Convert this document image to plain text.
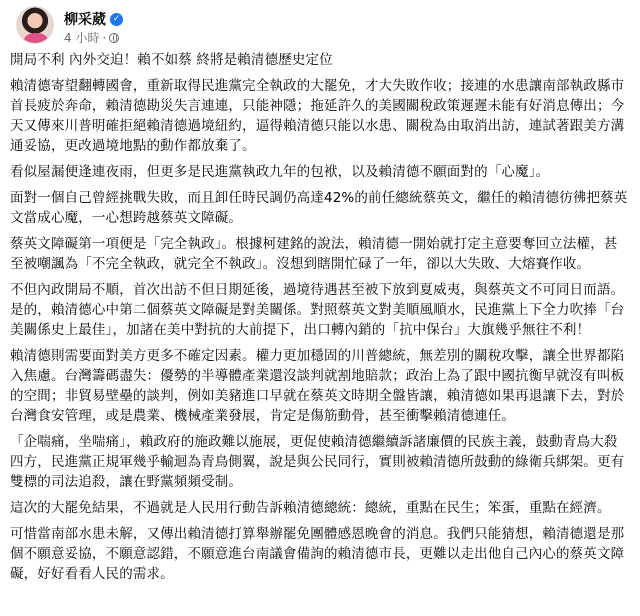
柳采葳 ✓
4 小時 ·

開局不利 內外交迫！賴不如蔡 終將是賴清德歷史定位

賴清德寄望翻轉國會，重新取得民進黨完全執政的大罷免，才大失敗作收；接連的水患讓南部執政縣市首長疲於奔命，賴清德勘災失言連連，只能神隱；拖延許久的美國關稅政策遲遲未能有好消息傳出；今天又傳來川普明確拒絕賴清德過境紐約，逼得賴清德只能以水患、關稅為由取消出訪，連試著跟美方溝通妥協，更改過境地點的動作都放棄了。

看似屋漏便逢連夜雨，但更多是民進黨執政九年的包袱，以及賴清德不願面對的「心魔」。

面對一個自己曾經挑戰失敗，而且卸任時民調仍高達42%的前任總統蔡英文，繼任的賴清德彷彿把蔡英文當成心魔，一心想跨越蔡英文障礙。

蔡英文障礙第一項便是「完全執政」。根據柯建銘的說法，賴清德一開始就打定主意要奪回立法權，甚至被嘲諷為「不完全執政，就完全不執政」。沒想到瞎開忙碌了一年，卻以大失敗、大熔賽作收。

不但內政開局不順，首次出訪不但日期延後，過境待遇甚至被下放到夏威夷，與蔡英文不可同日而語。是的，賴清德心中第二個蔡英文障礙是對美關係。對照蔡英文對美順風順水，民進黨上下全力吹捧「台美關係史上最佳」，加諸在美中對抗的大前提下，出口轉內銷的「抗中保台」大旗幾乎無往不利！

賴清德則需要面對美方更多不確定因素。權力更加穩固的川普總統，無差別的關稅攻擊，讓全世界都陷入焦慮。台灣籌碼盡失：優勢的半導體產業還沒談判就割地賠款；政治上為了跟中國抗衡早就沒有叫板的空間；非貿易壁壘的談判，例如美豬進口早就在蔡英文時期全盤皆讓，賴清德如果再退讓下去，對於台灣食安管理，或是農業、機械產業發展，肯定是傷筋動骨，甚至衝擊賴清德連任。

「企喘痛，坐喘痛」，賴政府的施政難以施展，更促使賴清德繼續訴諸廉價的民族主義，鼓動青鳥大殺四方，民進黨正規軍幾乎輸迴為青鳥側翼，說是與公民同行，實則被賴清德所鼓動的綠衛兵綁架。更有雙標的司法追殺，讓在野黨頻頻受制。

這次的大罷免結果，不過就是人民用行動告訴賴清德總統：總統，重點在民生；笨蛋，重點在經濟。

可惜當南部水患未解，又傳出賴清德打算舉辦罷免團體感恩晚會的消息。我們只能猜想，賴清德還是那個不願意妥協，不願意認錯，不願意進台南議會備詢的賴清德市長，更難以走出他自己內心的蔡英文障礙，好好看看人民的需求。
